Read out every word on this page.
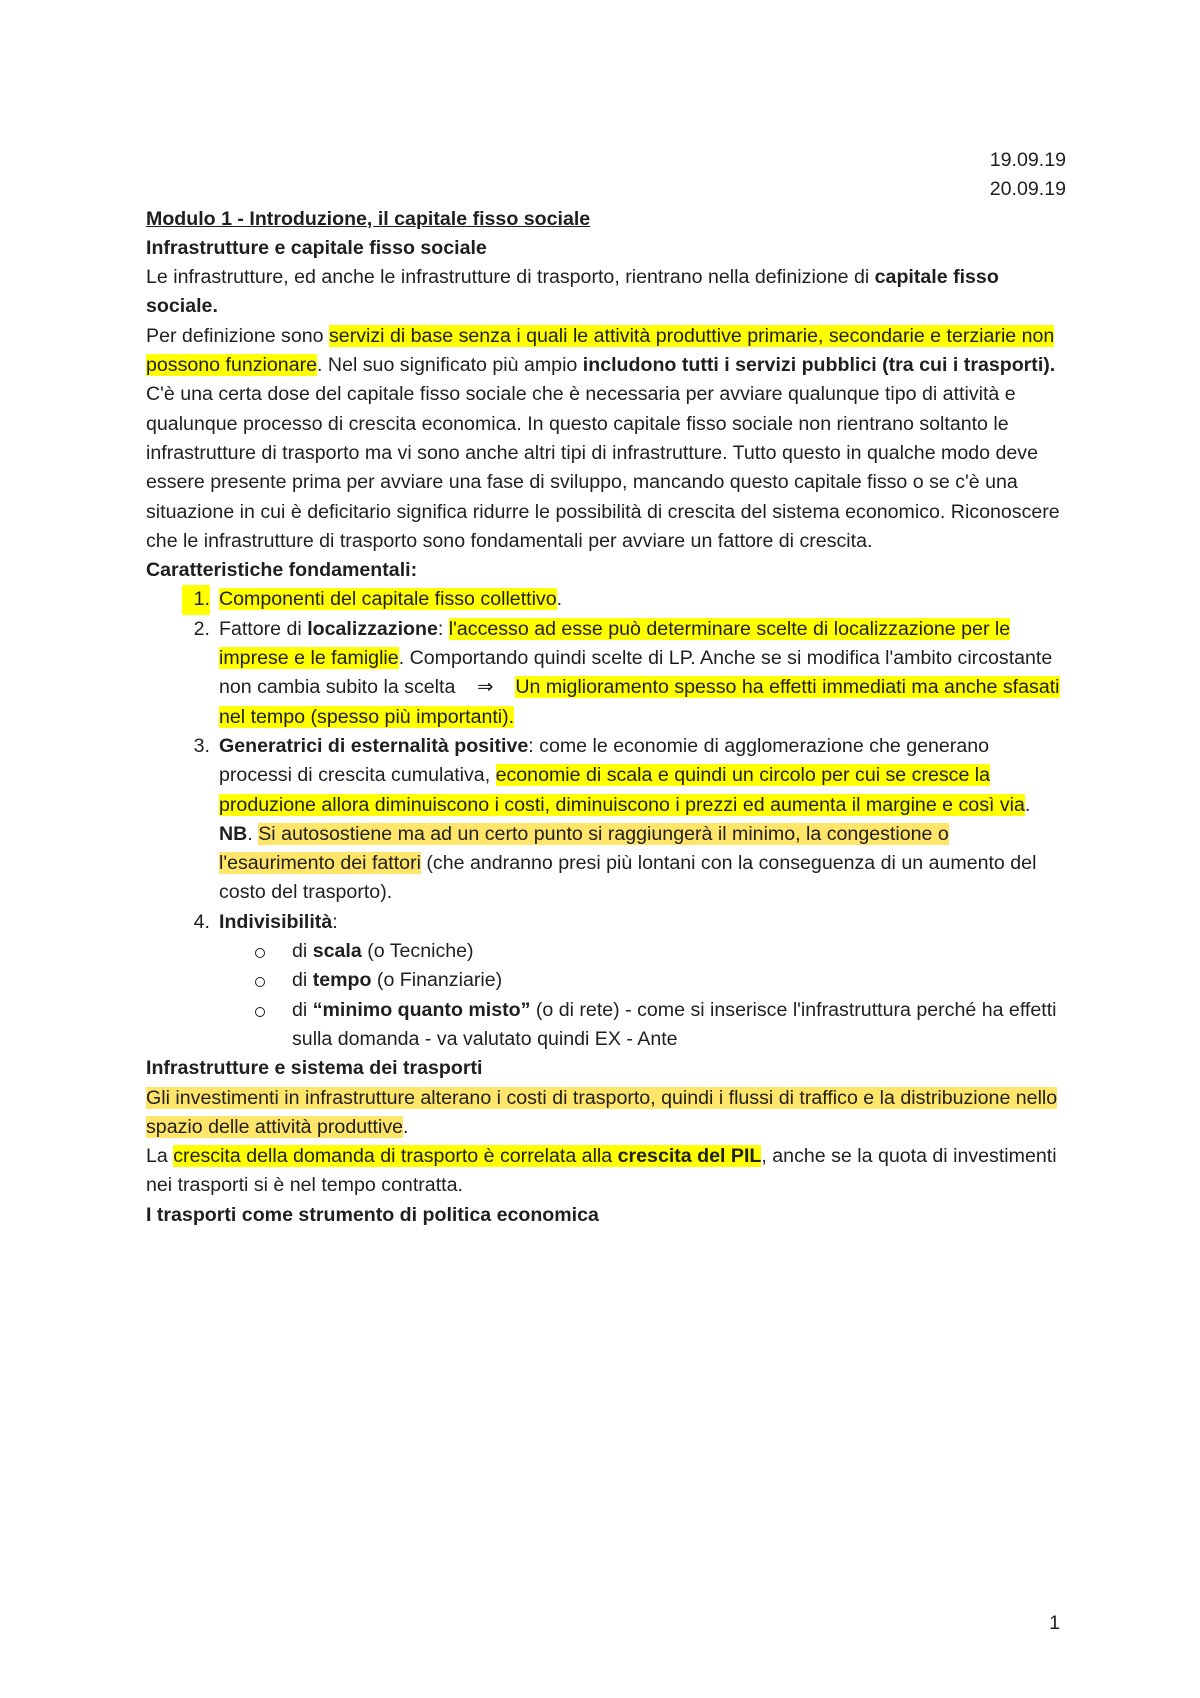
19.09.19

20.09.19

Modulo 1 - Introduzione, il capitale fisso sociale

Infrastrutture e capitale fisso sociale

Le infrastrutture, ed anche le infrastrutture di trasporto, rientrano nella definizione di capitale fisso sociale.

Per definizione sono servizi di base senza i quali le attività produttive primarie, secondarie e terziarie non possono funzionare. Nel suo significato più ampio includono tutti i servizi pubblici (tra cui i trasporti).

C'è una certa dose del capitale fisso sociale che è necessaria per avviare qualunque tipo di attività e qualunque processo di crescita economica. In questo capitale fisso sociale non rientrano soltanto le infrastrutture di trasporto ma vi sono anche altri tipi di infrastrutture. Tutto questo in qualche modo deve essere presente prima per avviare una fase di sviluppo, mancando questo capitale fisso o se c'è una situazione in cui è deficitario significa ridurre le possibilità di crescita del sistema economico. Riconoscere che le infrastrutture di trasporto sono fondamentali per avviare un fattore di crescita.

Caratteristiche fondamentali:

1. Componenti del capitale fisso collettivo.
2. Fattore di localizzazione: l'accesso ad esse può determinare scelte di localizzazione per le imprese e le famiglie. Comportando quindi scelte di LP. Anche se si modifica l'ambito circostante non cambia subito la scelta    ⇒ Un miglioramento spesso ha effetti immediati ma anche sfasati nel tempo (spesso più importanti).
3. Generatrici di esternalità positive: come le economie di agglomerazione che generano processi di crescita cumulativa, economie di scala e quindi un circolo per cui se cresce la produzione allora diminuiscono i costi, diminuiscono i prezzi ed aumenta il margine e così via. NB. Si autosostiene ma ad un certo punto si raggiungerà il minimo, la congestione o l'esaurimento dei fattori (che andranno presi più lontani con la conseguenza di un aumento del costo del trasporto).
4. Indivisibilità:
di scala (o Tecniche)
di tempo (o Finanziarie)
di “minimo quanto misto” (o di rete) - come si inserisce l'infrastruttura perché ha effetti sulla domanda - va valutato quindi EX - Ante

Infrastrutture e sistema dei trasporti

Gli investimenti in infrastrutture alterano i costi di trasporto, quindi i flussi di traffico e la distribuzione nello spazio delle attività produttive.

La crescita della domanda di trasporto è correlata alla crescita del PIL, anche se la quota di investimenti nei trasporti si è nel tempo contratta.

I trasporti come strumento di politica economica

1
